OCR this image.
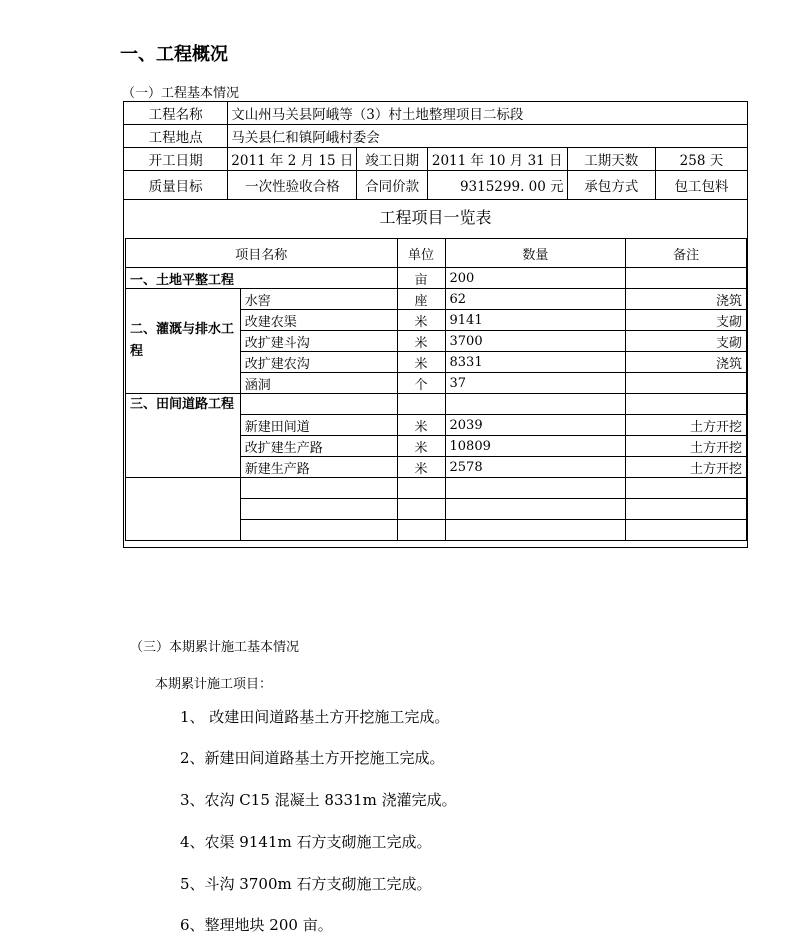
一、工程概况
（一）工程基本情况
工程名称	文山州马关县阿峨等（3）村土地整理项目二标段				
工程地点	马关县仁和镇阿峨村委会				
开工日期	2011 年 2 月 15 日	竣工日期	2011 年 10 月 31 日	工期天数	258 天
质量目标	一次性验收合格	合同价款	9315299. 00 元	承包方式	包工包料
工程项目一览表
项目名称		单位	数量	备注
一、土地平整工程		亩	200	
二、灌溉与排水工程	水窖	座	62	浇筑
	改建农渠	米	9141	支砌
	改扩建斗沟	米	3700	支砌
	改扩建农沟	米	8331	浇筑
	涵洞	个	37	
三、田间道路工程				
	新建田间道	米	2039	土方开挖
	改扩建生产路	米	10809	土方开挖
	新建生产路	米	2578	土方开挖

（三）本期累计施工基本情况
本期累计施工项目：
1、 改建田间道路基土方开挖施工完成。
2、新建田间道路基土方开挖施工完成。
3、农沟 C15 混凝土 8331m 浇灌完成。
4、农渠 9141m 石方支砌施工完成。
5、斗沟 3700m 石方支砌施工完成。
6、整理地块 200 亩。
